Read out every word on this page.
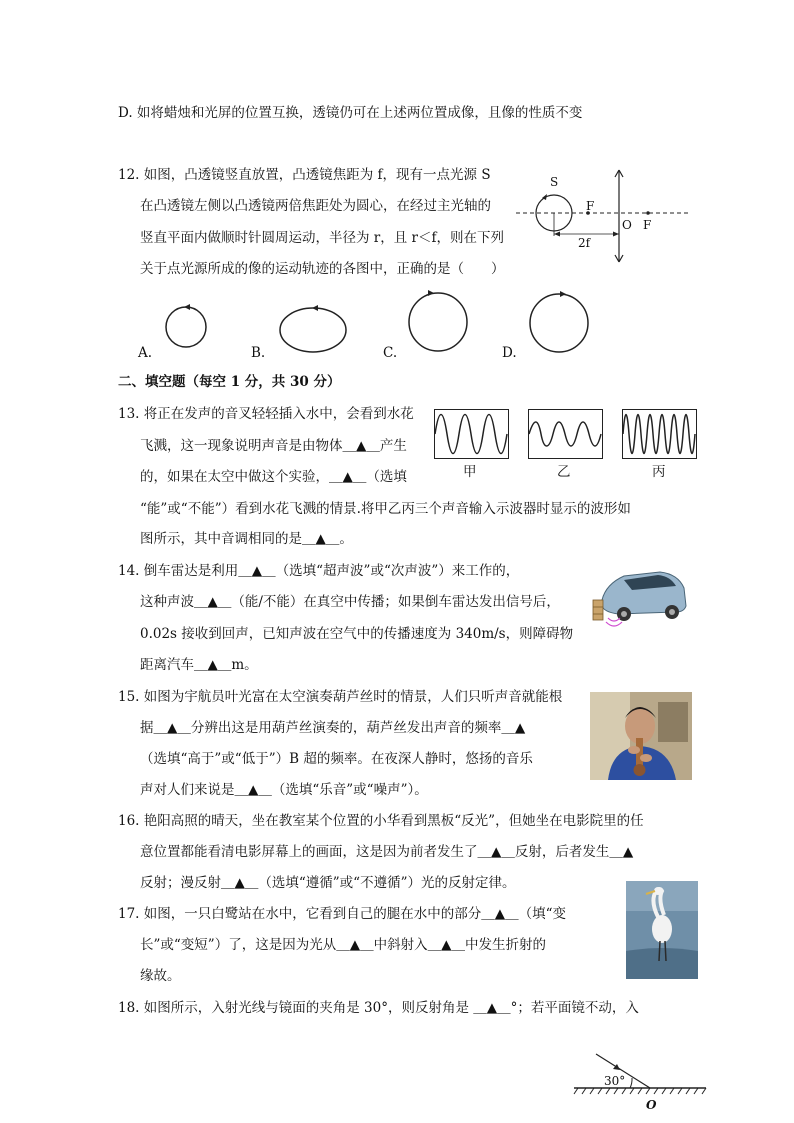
D. 如将蜡烛和光屏的位置互换，透镜仍可在上述两位置成像，且像的性质不变
12. 如图，凸透镜竖直放置，凸透镜焦距为 f，现有一点光源 S
在凸透镜左侧以凸透镜两倍焦距处为圆心，在经过主光轴的
竖直平面内做顺时针圆周运动，半径为 r，且 r＜f，则在下列
关于点光源所成的像的运动轨迹的各图中，正确的是（　　）
S
F
O F
2f
A.	B.	C.	D.
二、填空题（每空 1 分，共 30 分）
13. 将正在发声的音叉轻轻插入水中，会看到水花
飞溅，这一现象说明声音是由物体＿▲＿产生
的，如果在太空中做这个实验，＿▲＿（选填
“能”或“不能”）看到水花飞溅的情景.将甲乙丙三个声音输入示波器时显示的波形如
图所示，其中音调相同的是＿▲＿。
甲	乙	丙
14. 倒车雷达是利用＿▲＿（选填“超声波”或“次声波”）来工作的，
这种声波＿▲＿（能/不能）在真空中传播；如果倒车雷达发出信号后，
0.02s 接收到回声，已知声波在空气中的传播速度为 340m/s，则障碍物
距离汽车＿▲＿m。
15. 如图为宇航员叶光富在太空演奏葫芦丝时的情景，人们只听声音就能根
据＿▲＿分辨出这是用葫芦丝演奏的，葫芦丝发出声音的频率＿▲
（选填“高于”或“低于”）B 超的频率。在夜深人静时，悠扬的音乐
声对人们来说是＿▲＿（选填“乐音”或“噪声”）。
16. 艳阳高照的晴天，坐在教室某个位置的小华看到黑板“反光”，但她坐在电影院里的任
意位置都能看清电影屏幕上的画面，这是因为前者发生了＿▲＿反射，后者发生＿▲
反射；漫反射＿▲＿（选填“遵循”或“不遵循”）光的反射定律。
17. 如图，一只白鹭站在水中，它看到自己的腿在水中的部分＿▲＿（填“变
长”或“变短”）了，这是因为光从＿▲＿中斜射入＿▲＿中发生折射的
缘故。
18. 如图所示，入射光线与镜面的夹角是 30°，则反射角是 ＿▲＿°；若平面镜不动，入
30°
O
